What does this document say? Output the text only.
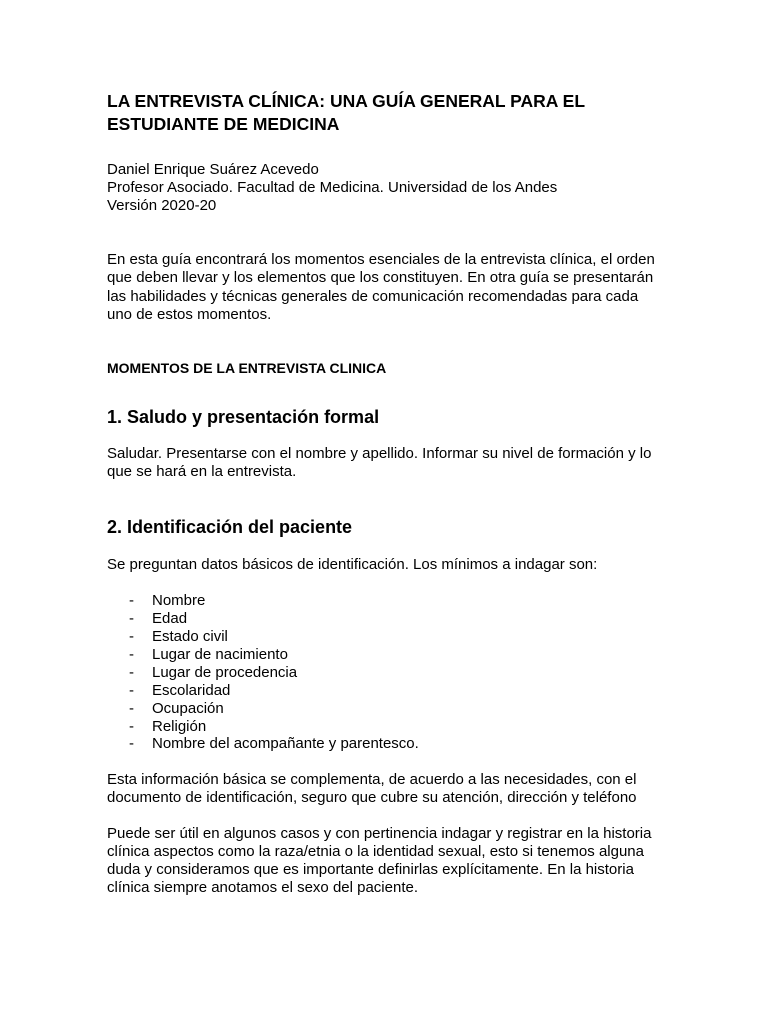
LA ENTREVISTA CLÍNICA: UNA GUÍA GENERAL PARA EL
ESTUDIANTE DE MEDICINA
Daniel Enrique Suárez Acevedo
Profesor Asociado. Facultad de Medicina. Universidad de los Andes
Versión 2020-20
En esta guía encontrará los momentos esenciales de la entrevista clínica, el orden
que deben llevar y los elementos que los constituyen. En otra guía se presentarán
las habilidades y técnicas generales de comunicación recomendadas para cada
uno de estos momentos.
MOMENTOS DE LA ENTREVISTA CLINICA
1. Saludo y presentación formal
Saludar. Presentarse con el nombre y apellido. Informar su nivel de formación y lo
que se hará en la entrevista.
2. Identificación del paciente
Se preguntan datos básicos de identificación. Los mínimos a indagar son:
- Nombre
- Edad
- Estado civil
- Lugar de nacimiento
- Lugar de procedencia
- Escolaridad
- Ocupación
- Religión
- Nombre del acompañante y parentesco.
Esta información básica se complementa, de acuerdo a las necesidades, con el
documento de identificación, seguro que cubre su atención, dirección y teléfono
Puede ser útil en algunos casos y con pertinencia indagar y registrar en la historia
clínica aspectos como la raza/etnia o la identidad sexual, esto si tenemos alguna
duda y consideramos que es importante definirlas explícitamente. En la historia
clínica siempre anotamos el sexo del paciente.
